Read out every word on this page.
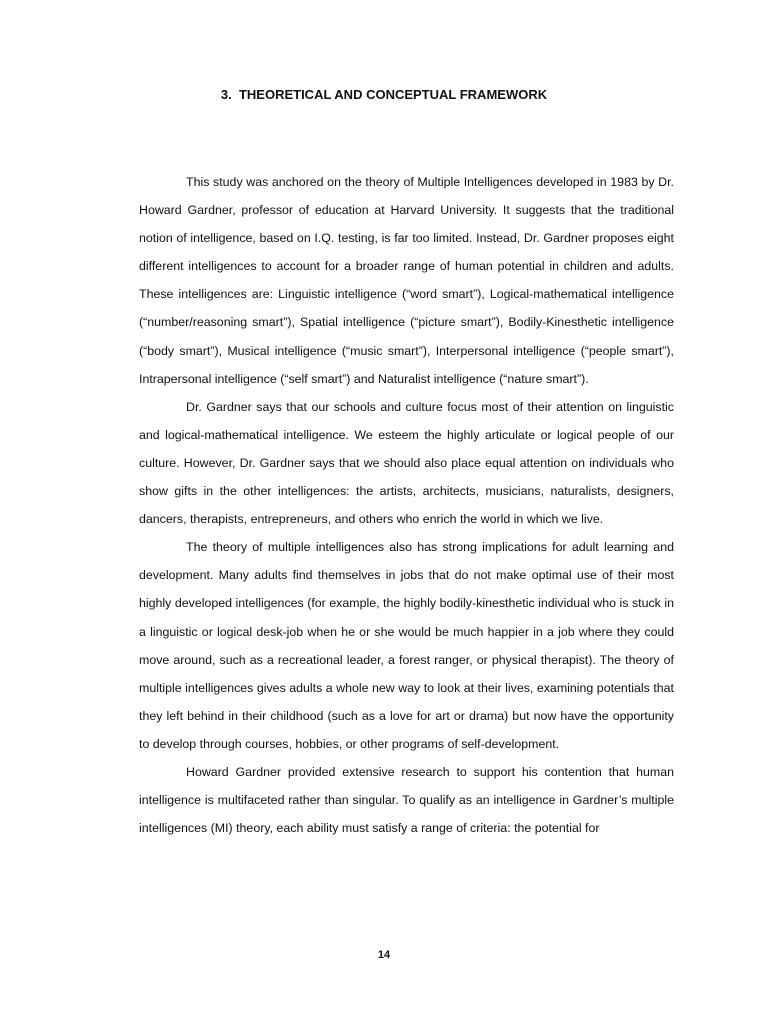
3.  THEORETICAL AND CONCEPTUAL FRAMEWORK

This study was anchored on the theory of Multiple Intelligences developed in 1983 by Dr. Howard Gardner, professor of education at Harvard University. It suggests that the traditional notion of intelligence, based on I.Q. testing, is far too limited. Instead, Dr. Gardner proposes eight different intelligences to account for a broader range of human potential in children and adults. These intelligences are: Linguistic intelligence (“word smart”), Logical-mathematical intelligence (“number/reasoning smart”), Spatial intelligence (“picture smart”), Bodily-Kinesthetic intelligence (“body smart”), Musical intelligence (“music smart”), Interpersonal intelligence (“people smart”), Intrapersonal intelligence (“self smart”) and Naturalist intelligence (“nature smart”).

Dr. Gardner says that our schools and culture focus most of their attention on linguistic and logical-mathematical intelligence. We esteem the highly articulate or logical people of our culture. However, Dr. Gardner says that we should also place equal attention on individuals who show gifts in the other intelligences: the artists, architects, musicians, naturalists, designers, dancers, therapists, entrepreneurs, and others who enrich the world in which we live.

The theory of multiple intelligences also has strong implications for adult learning and development. Many adults find themselves in jobs that do not make optimal use of their most highly developed intelligences (for example, the highly bodily-kinesthetic individual who is stuck in a linguistic or logical desk-job when he or she would be much happier in a job where they could move around, such as a recreational leader, a forest ranger, or physical therapist). The theory of multiple intelligences gives adults a whole new way to look at their lives, examining potentials that they left behind in their childhood (such as a love for art or drama) but now have the opportunity to develop through courses, hobbies, or other programs of self-development.

Howard Gardner provided extensive research to support his contention that human intelligence is multifaceted rather than singular. To qualify as an intelligence in Gardner’s multiple intelligences (MI) theory, each ability must satisfy a range of criteria: the potential for

14
